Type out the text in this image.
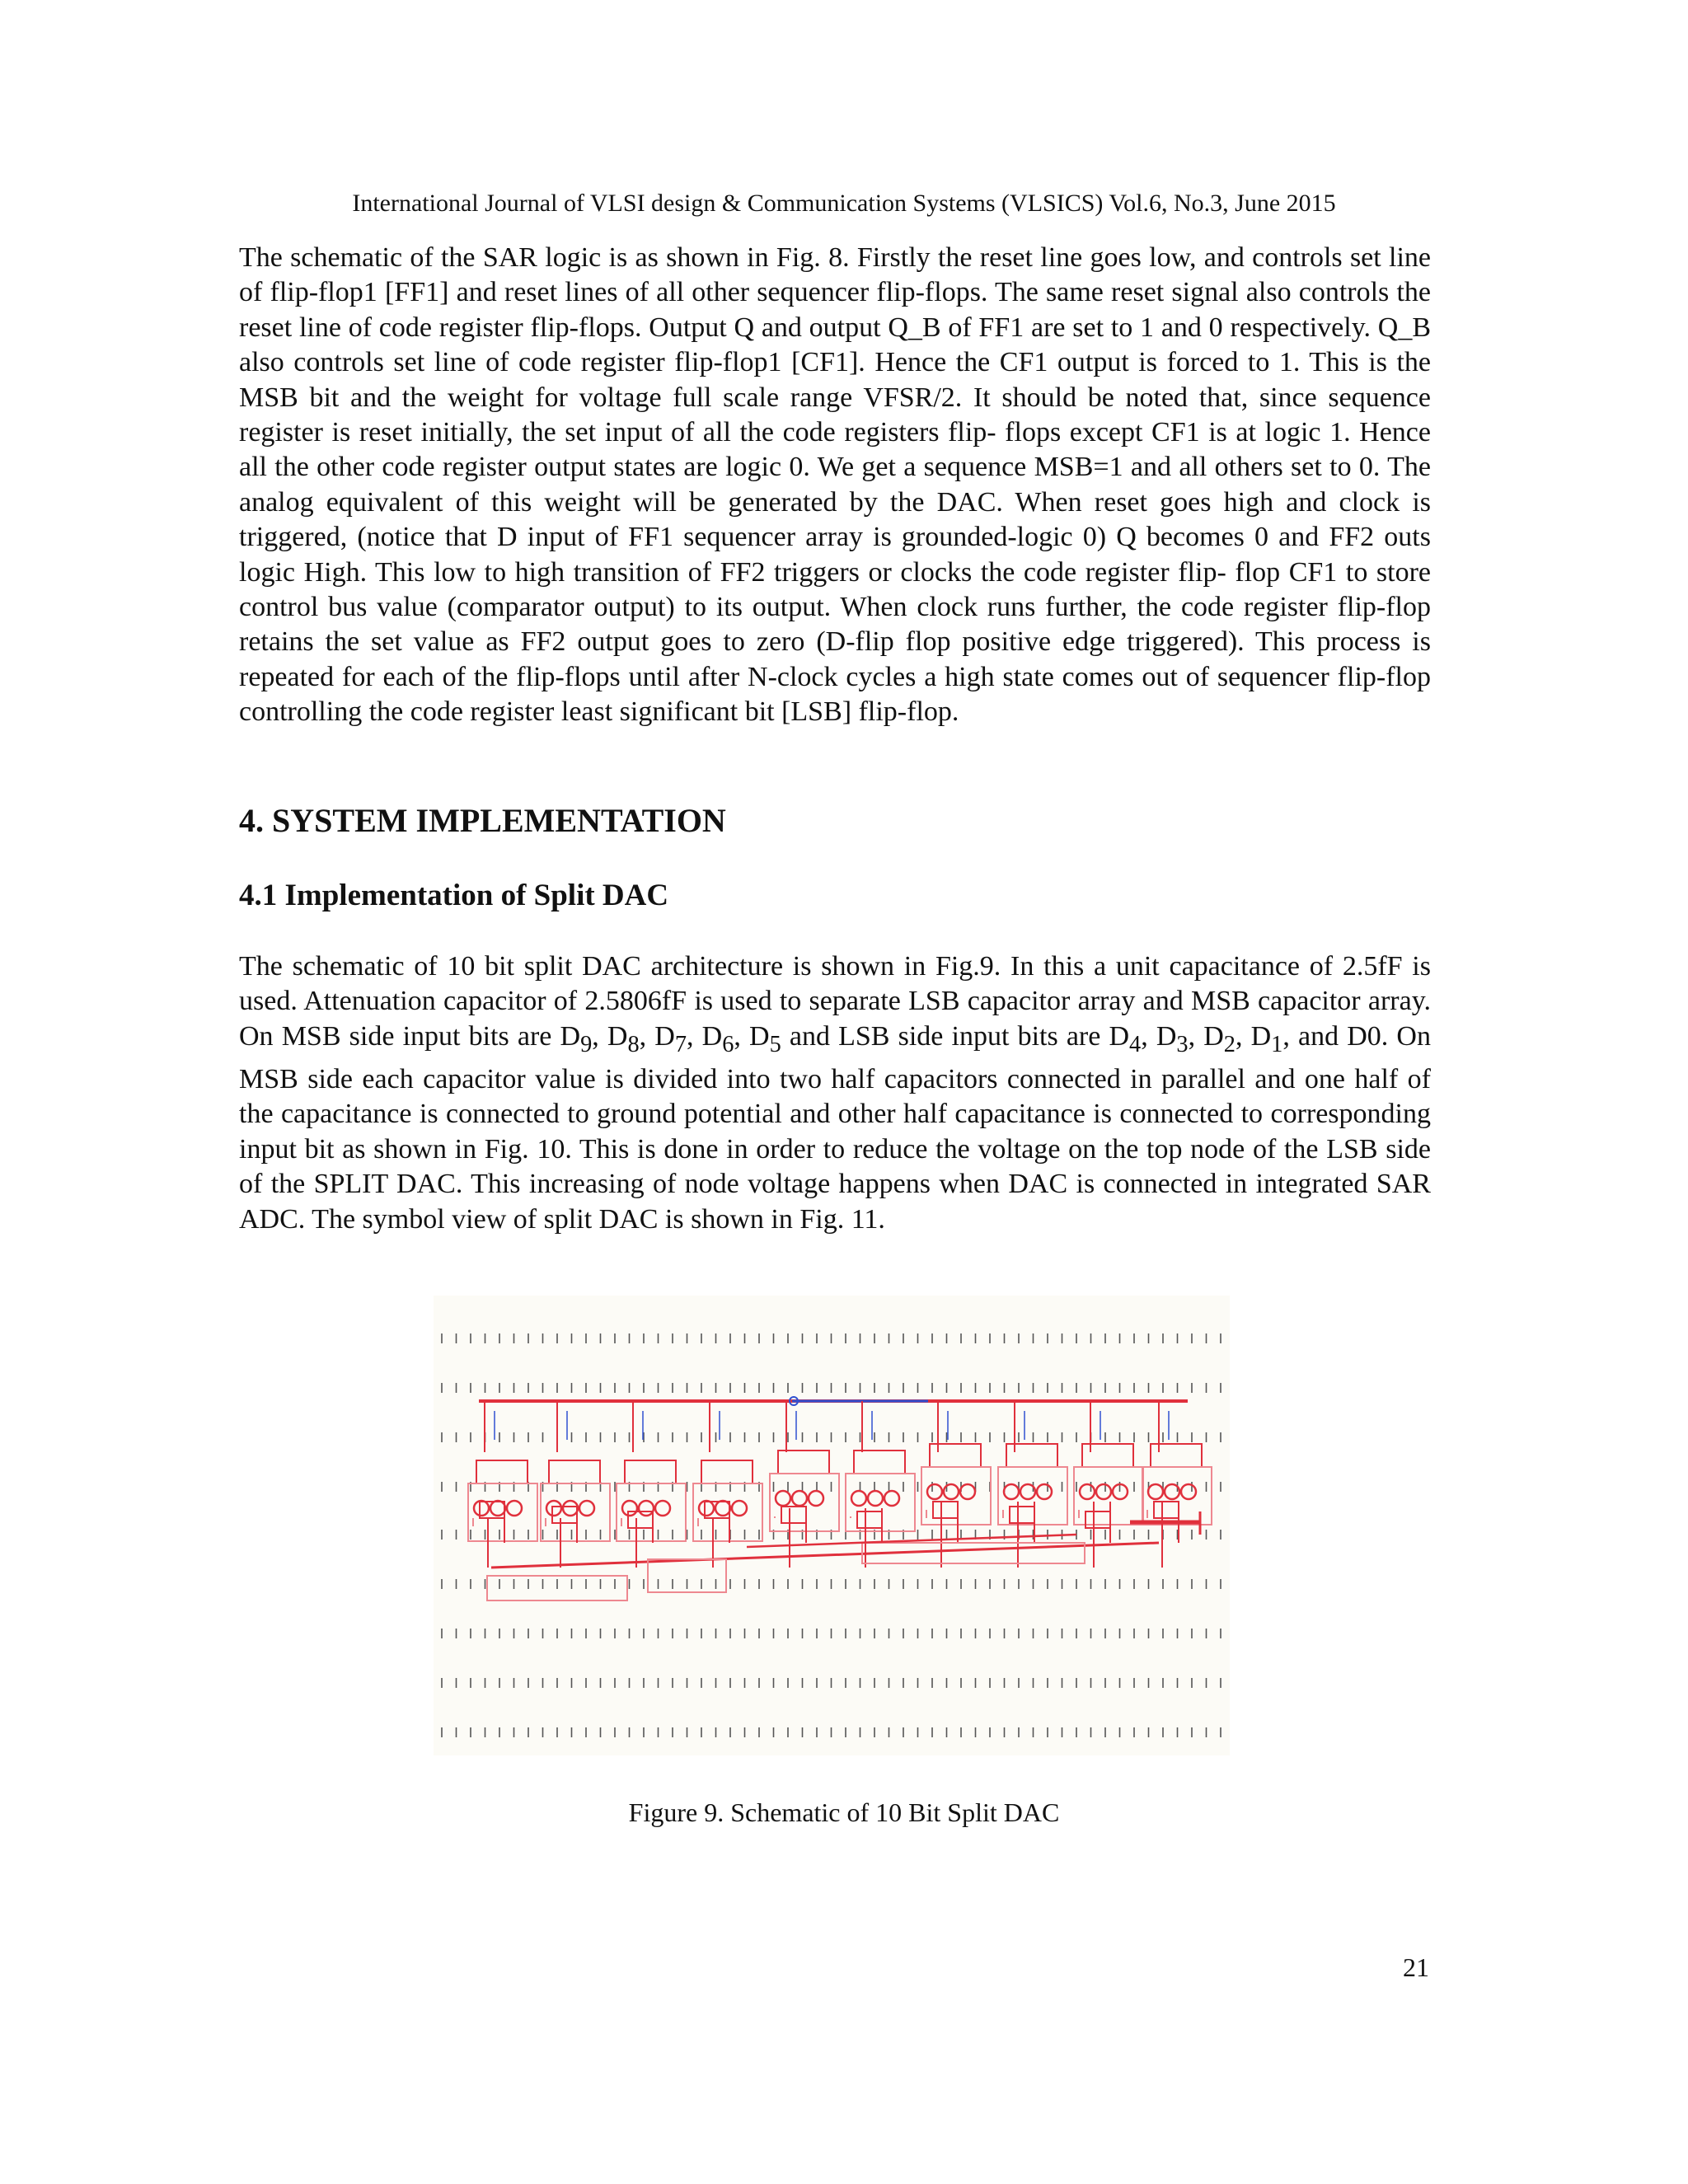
International Journal of VLSI design & Communication Systems (VLSICS) Vol.6, No.3, June 2015

The schematic of the SAR logic is as shown in Fig. 8. Firstly the reset line goes low, and controls set line of flip-flop1 [FF1] and reset lines of all other sequencer flip-flops. The same reset signal also controls the reset line of code register flip-flops. Output Q and output Q_B of FF1 are set to 1 and 0 respectively. Q_B also controls set line of code register flip-flop1 [CF1]. Hence the CF1 output is forced to 1. This is the MSB bit and the weight for voltage full scale range VFSR/2. It should be noted that, since sequence register is reset initially, the set input of all the code registers flip- flops except CF1 is at logic 1. Hence all the other code register output states are logic 0. We get a sequence MSB=1 and all others set to 0. The analog equivalent of this weight will be generated by the DAC. When reset goes high and clock is triggered, (notice that D input of FF1 sequencer array is grounded-logic 0) Q becomes 0 and FF2 outs logic High. This low to high transition of FF2 triggers or clocks the code register flip- flop CF1 to store control bus value (comparator output) to its output. When clock runs further, the code register flip-flop retains the set value as FF2 output goes to zero (D-flip flop positive edge triggered). This process is repeated for each of the flip-flops until after N-clock cycles a high state comes out of sequencer flip-flop controlling the code register least significant bit [LSB] flip-flop.

4. SYSTEM IMPLEMENTATION
4.1 Implementation of Split DAC

The schematic of 10 bit split DAC architecture is shown in Fig.9. In this a unit capacitance of 2.5fF is used. Attenuation capacitor of 2.5806fF is used to separate LSB capacitor array and MSB capacitor array. On MSB side input bits are $D_9$, $D_8$, $D_7$, $D_6$, $D_5$ and LSB side input bits are $D_4$, $D_3$, $D_2$, $D_1$, and D0. On MSB side each capacitor value is divided into two half capacitors connected in parallel and one half of the capacitance is connected to ground potential and other half capacitance is connected to corresponding input bit as shown in Fig. 10. This is done in order to reduce the voltage on the top node of the LSB side of the SPLIT DAC. This increasing of node voltage happens when DAC is connected in integrated SAR ADC. The symbol view of split DAC is shown in Fig. 11.

Figure 9. Schematic of 10 Bit Split DAC
21
